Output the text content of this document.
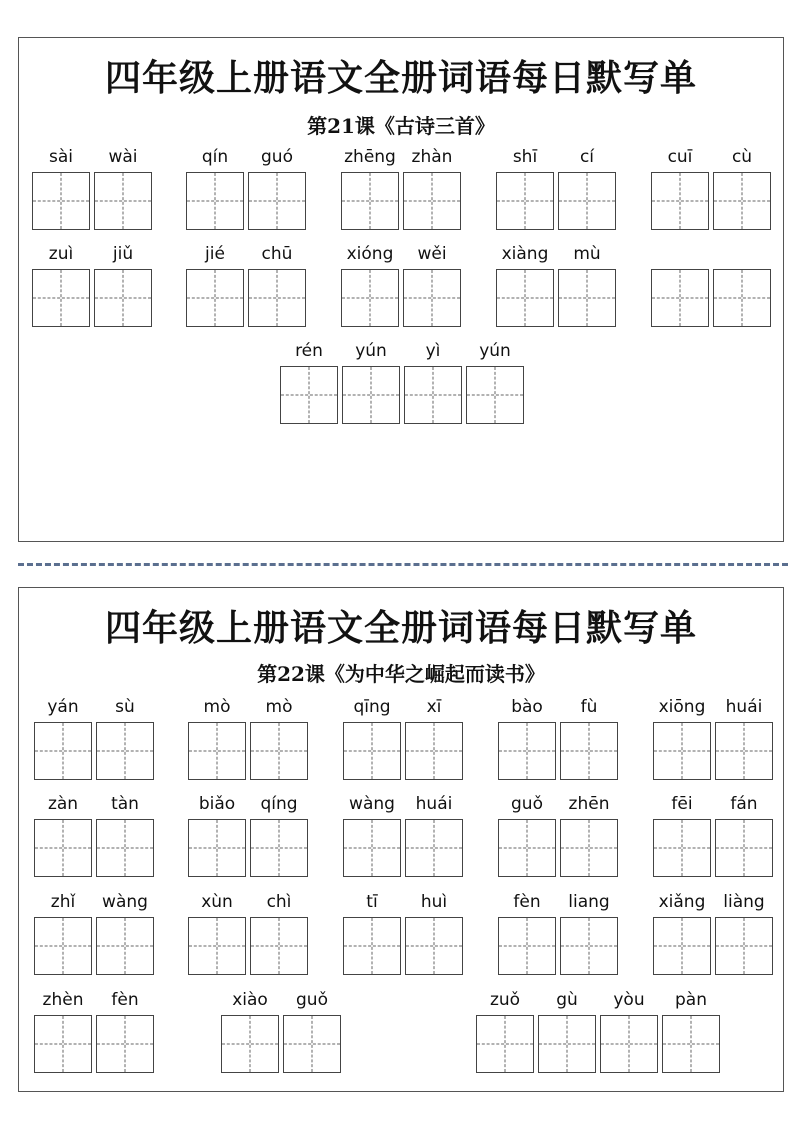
四年级上册语文全册词语每日默写单
第21课《古诗三首》
sài	wài	qín	guó	zhēng zhàn	shī	cí	cuī	cù
zuì	jiǔ	jié	chū	xióng	wěi	xiàng	mù
rén	yún	yì	yún
四年级上册语文全册词语每日默写单
第22课《为中华之崛起而读书》
yán	sù	mò	mò	qīng	xī	bào	fù	xiōng	huái
zàn	tàn	biǎo	qíng	wàng	huái	guǒ	zhēn	fēi	fán
zhǐ	wàng	xùn	chì	tī	huì	fèn	liang	xiǎng	liàng
zhèn	fèn	xiào	guǒ	zuǒ	gù	yòu	pàn
